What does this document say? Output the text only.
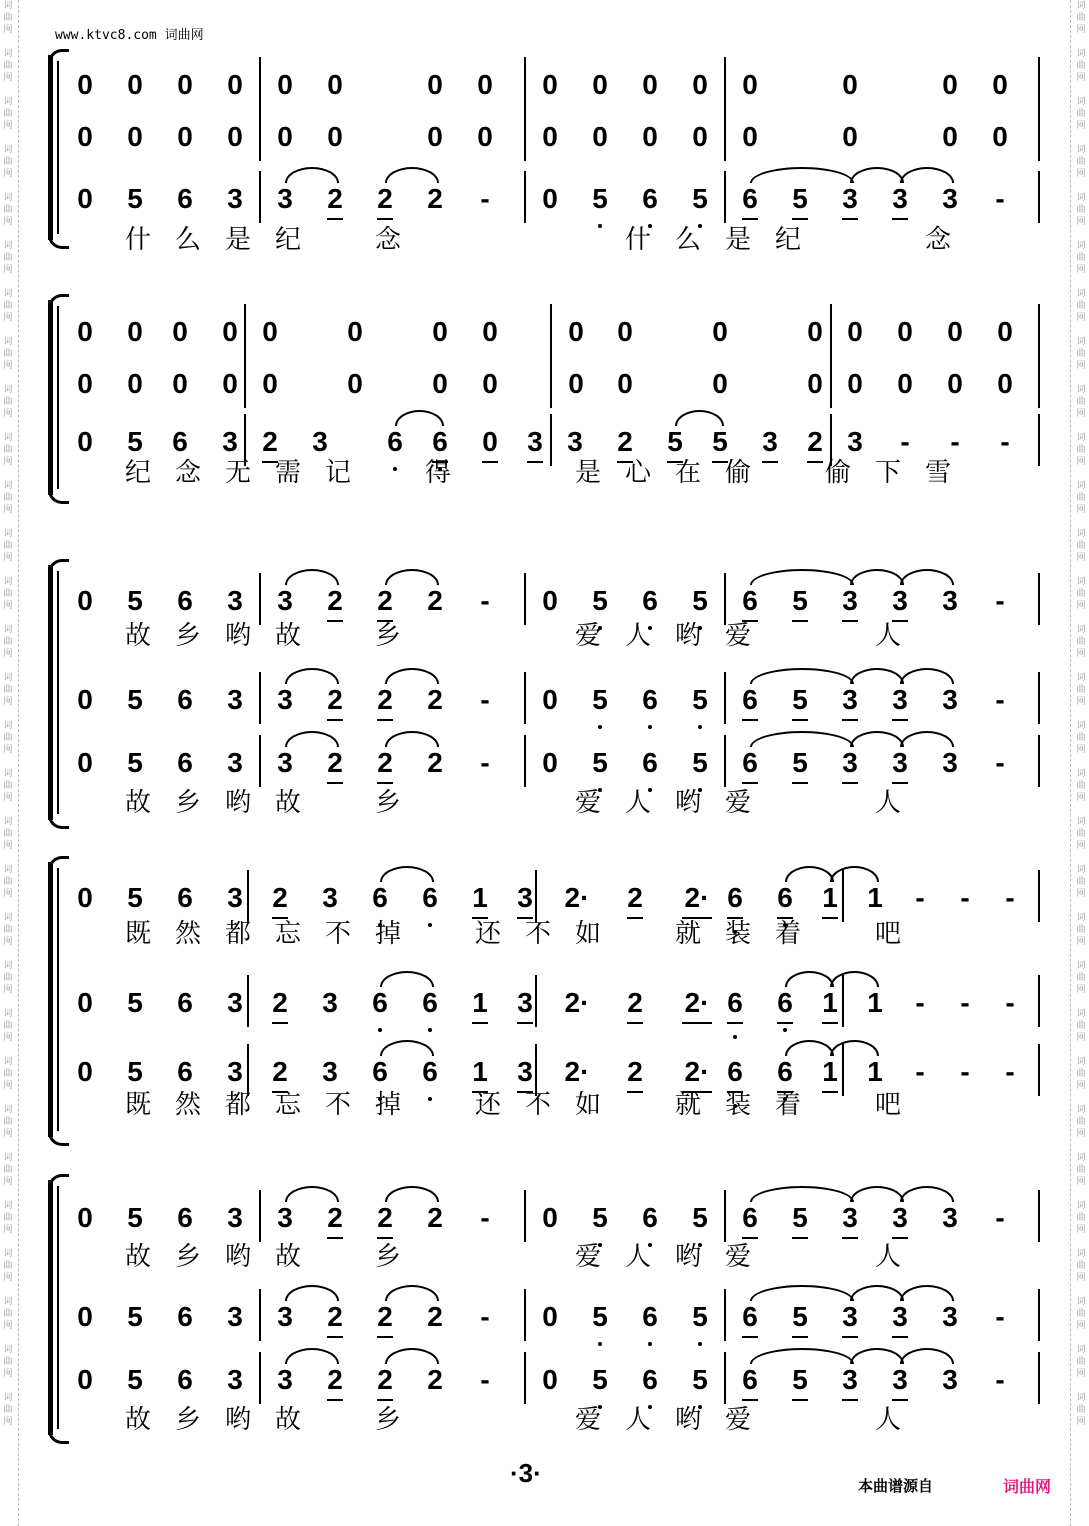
词
曲
网

词
曲
网

词
曲
网

词
曲
网

词
曲
网

词
曲
网

词
曲
网

词
曲
网

词
曲
网

词
曲
网

词
曲
网

词
曲
网

词
曲
网

词
曲
网

词
曲
网

词
曲
网

词
曲
网

词
曲
网

词
曲
网

词
曲
网

词
曲
网

词
曲
网

词
曲
网

词
曲
网

词
曲
网

词
曲
网

词
曲
网

词
曲
网

词
曲
网

词
曲
网

词
曲
网

词
曲
网

词
曲
网

词
曲
网

词
曲
网

词
曲
网

词
曲
网

词
曲
网

词
曲
网

词
曲
网

词
曲
网

词
曲
网

词
曲
网

词
曲
网

词
曲
网

词
曲
网

词
曲
网

词
曲
网

词
曲
网

词
曲
网

词
曲
网

词
曲
网

词
曲
网

词
曲
网

词
曲
网

词
曲
网

词
曲
网

词
曲
网

词
曲
网

词
曲
网

www.ktvc8.com 词曲网
0 0 0 0 0 0	0 0 0 0 0 0 0	0	0 0
0 0 0 0 0 0	0 0 0 0 0 0 0	0	0 0
0 5 6 3 3 2 2 2	-	0 5 6 5 6 5 3 3 3	-
什 么 是 纪	念	什 么 是 纪	念
0 0 0 0 0 0 0 0	0 0	0	0 0 0 0 0
0 0 0 0 0 0 0 0	0 0	0	0 0 0 0 0
0 5 6 3 2 3 6 6 0 3 3 2 5 5 3 2 3	-	-	-
纪 念 无 需 记	得	是 心 在 偷	偷 下 雪
0 5 6 3 3 2 2 2	-	0 5 6 5 6 5 3 3 3	-
0 5 6 3 3 2 2 2	-	0 5 6 5 6 5 3 3 3	-
0 5 6 3 3 2 2 2	-	0 5 6 5 6 5 3 3 3	-
故 乡 哟 故	乡	爱 人 哟 爱	人
故 乡 哟 故	乡	爱 人 哟 爱	人
0 5 6 3 2 3 6 6 1 3	2·	2	2· 6 6 1 1	-	-	-
0 5 6 3 2 3 6 6 1 3	2·	2	2· 6 6 1 1	-	-	-
0 5 6 3 2 3 6 6 1 3	2·	2	2· 6 6 1 1	-	-	-
既 然 都 忘 不 掉	还 不 如	就 装 着	吧
既 然 都 忘 不 掉	还 不 如	就 装 着	吧
0 5 6 3 3 2 2 2	-	0 5 6 5 6 5 3 3 3	-
0 5 6 3 3 2 2 2	-	0 5 6 5 6 5 3 3 3	-
0 5 6 3 3 2 2 2	-	0 5 6 5 6 5 3 3 3	-
故 乡 哟 故	乡	爱 人 哟 爱	人
故 乡 哟 故	乡	爱 人 哟 爱	人
·3·	本曲谱源自	词曲网
